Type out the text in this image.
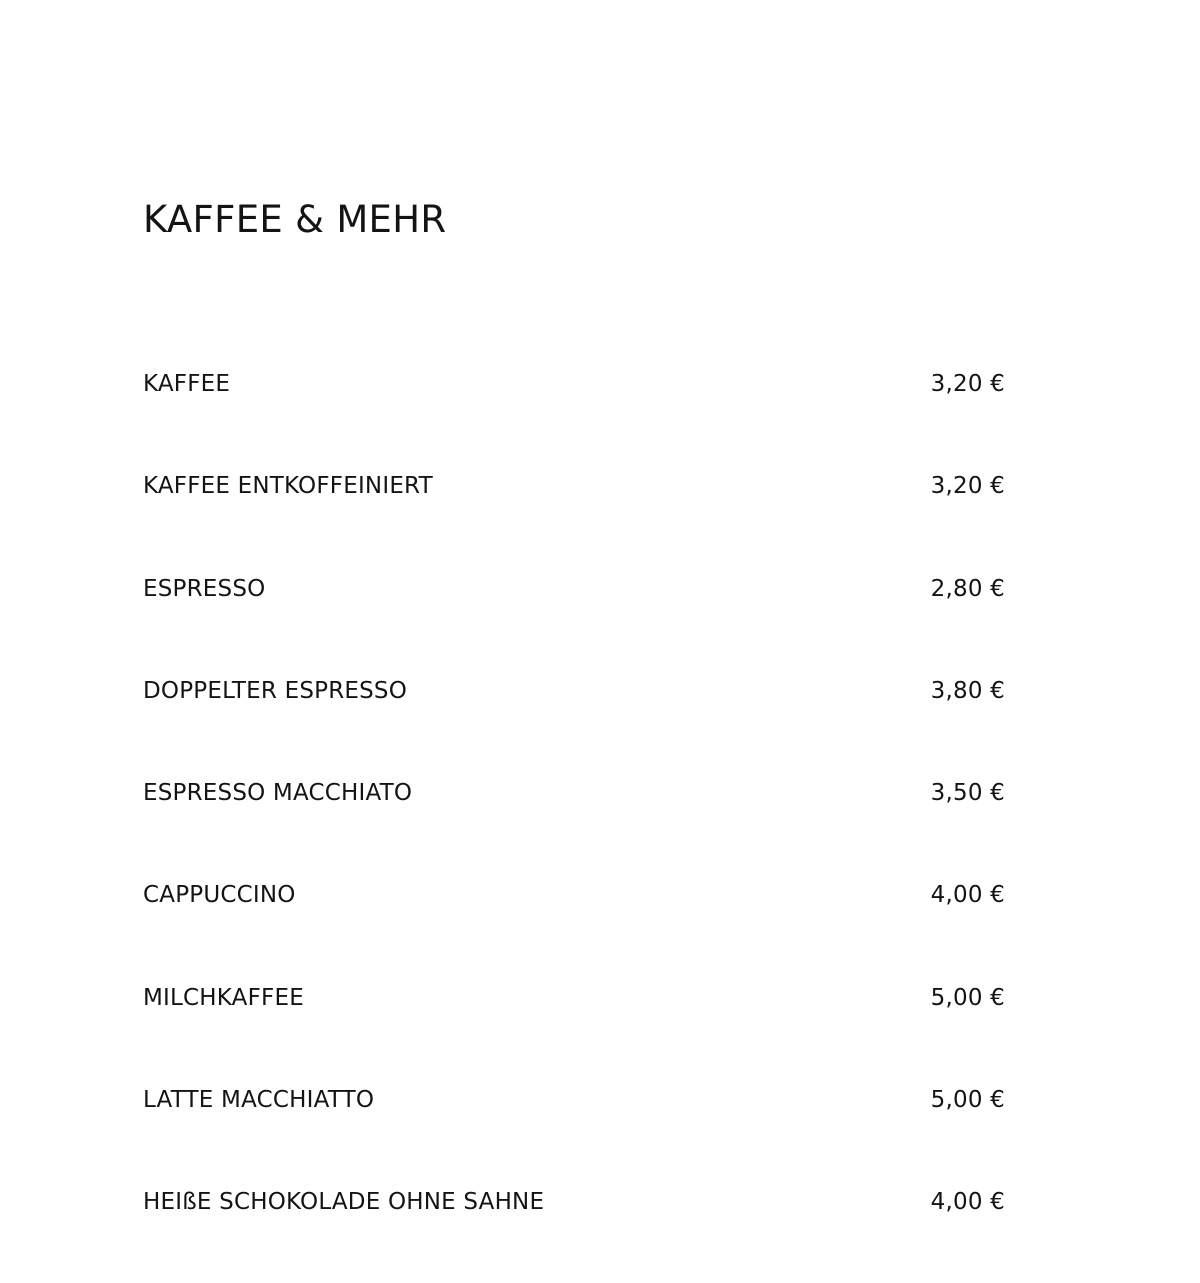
KAFFEE & MEHR
KAFFEE	3,20 €
KAFFEE ENTKOFFEINIERT	3,20 €
ESPRESSO	2,80 €
DOPPELTER ESPRESSO	3,80 €
ESPRESSO MACCHIATO	3,50 €
CAPPUCCINO	4,00 €
MILCHKAFFEE	5,00 €
LATTE MACCHIATTO	5,00 €
HEIßE SCHOKOLADE OHNE SAHNE	4,00 €
